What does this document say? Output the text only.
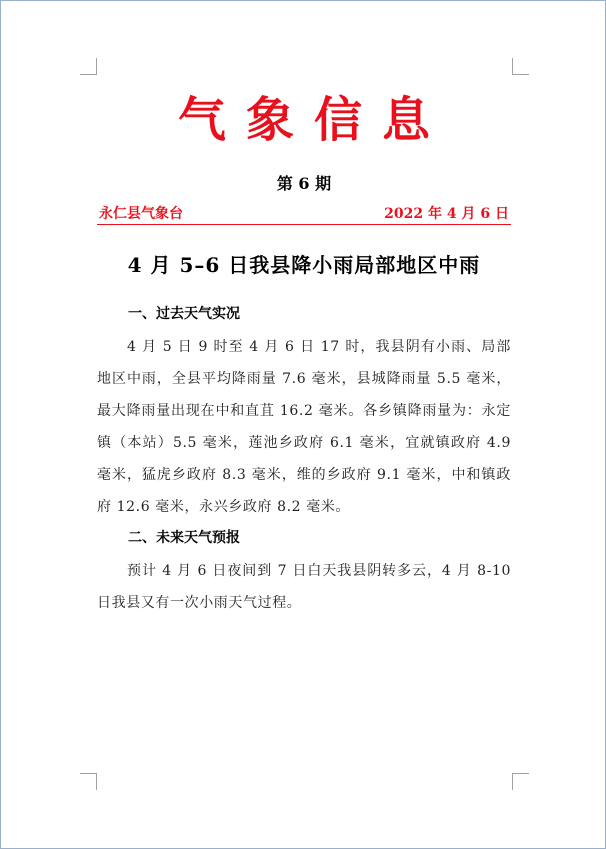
气象信息
第 6 期
永仁县气象台	2022 年 4 月 6 日
4 月 5–6 日我县降小雨局部地区中雨
一、过去天气实况
4 月 5 日 9 时至 4 月 6 日 17 时，我县阴有小雨、局部地区中雨，全县平均降雨量 7.6 毫米，县城降雨量 5.5 毫米，最大降雨量出现在中和直苴 16.2 毫米。各乡镇降雨量为：永定镇（本站）5.5 毫米，莲池乡政府 6.1 毫米，宜就镇政府 4.9 毫米，猛虎乡政府 8.3 毫米，维的乡政府 9.1 毫米，中和镇政府 12.6 毫米，永兴乡政府 8.2 毫米。
二、未来天气预报
预计 4 月 6 日夜间到 7 日白天我县阴转多云，4 月 8-10 日我县又有一次小雨天气过程。
